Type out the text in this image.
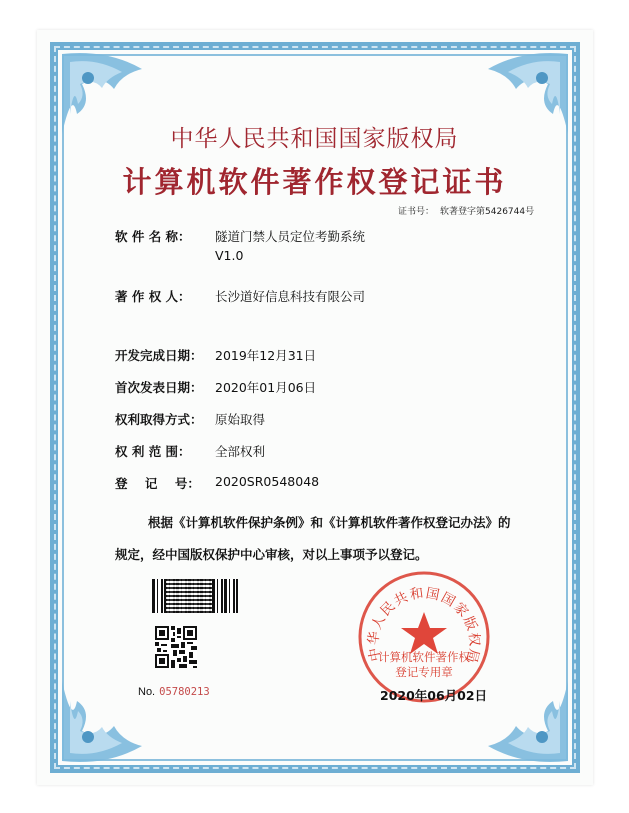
中华人民共和国国家版权局
计算机软件著作权登记证书
证书号： 软著登字第5426744号
软 件 名 称： 隧道门禁人员定位考勤系统
V1.0
著 作 权 人： 长沙道好信息科技有限公司
开发完成日期： 2019年12月31日
首次发表日期： 2020年01月06日
权利取得方式： 原始取得
权 利 范 围： 全部权利
登    记    号： 2020SR0548048
根据《计算机软件保护条例》和《计算机软件著作权登记办法》的
规定，经中国版权保护中心审核，对以上事项予以登记。
No. 05780213
中华人民共和国国家版权局
计算机软件著作权
登记专用章
2020年06月02日
